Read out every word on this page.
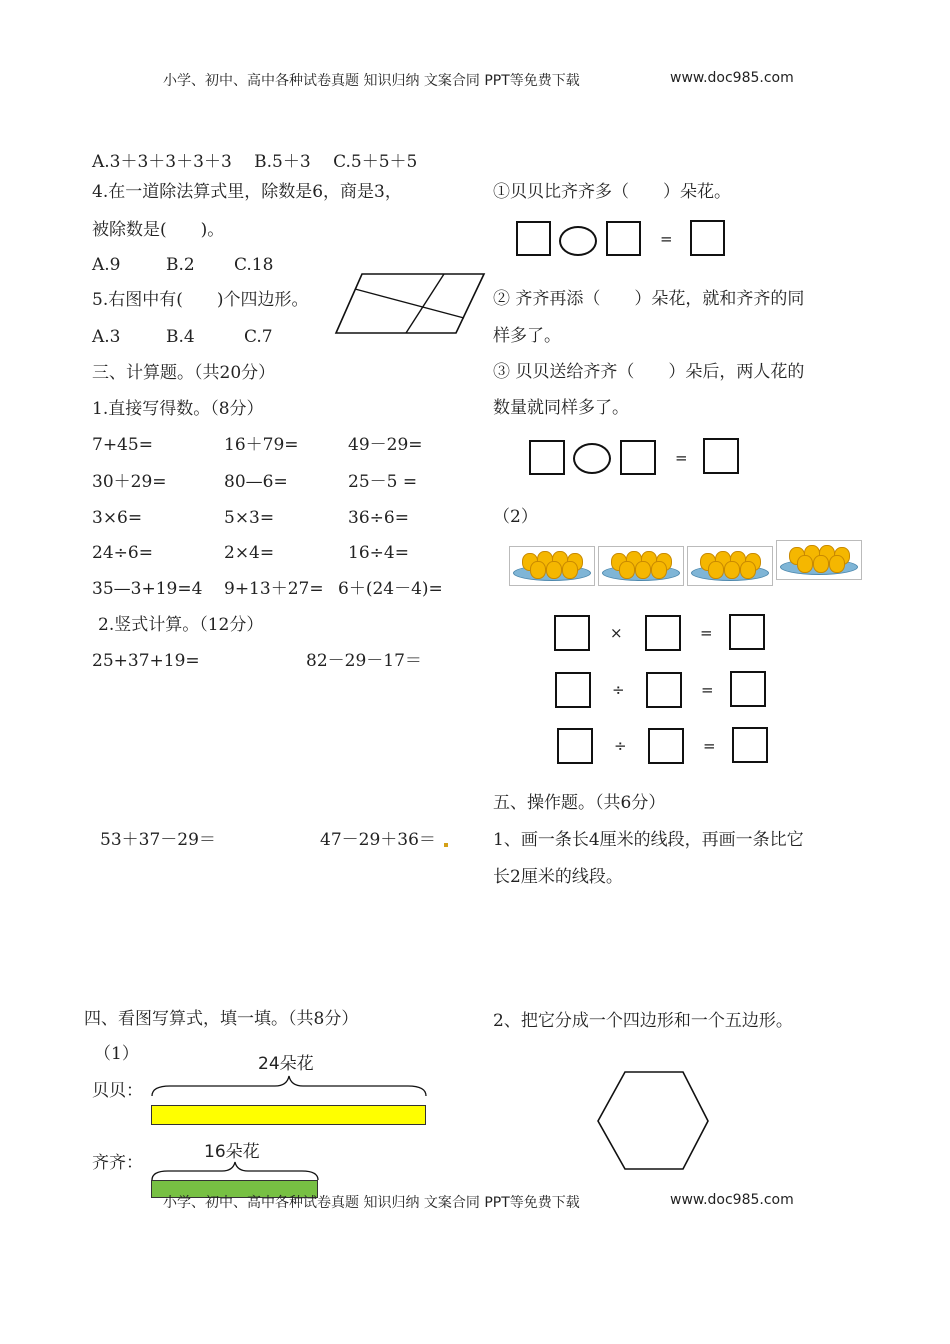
小学、初中、高中各种试卷真题 知识归纳 文案合同 PPT等免费下载	www.doc985.com
A.3＋3＋3＋3＋3　 B.5＋3　 C.5＋5＋5
4.在一道除法算式里，除数是6，商是3，
被除数是(　　)。
A.9	B.2 C.18
5.右图中有(　　)个四边形。
A.3	B.4	C.7
三、计算题。（共20分）
1.直接写得数。（8分）
7+45=	16＋79=	49－29=
30＋29=	80—6=	25－5 =
3×6=	5×3=	36÷6=
24÷6=	2×4=	16÷4=
35—3+19=4 9+13＋27= 6＋(24－4)=
2.竖式计算。（12分）
25+37+19=	82－29－17＝
53＋37－29＝	47－29＋36＝
四、看图写算式，填一填。（共8分）
（1）	24朵花
贝贝：
16朵花
齐齐：
①贝贝比齐齐多（　　）朵花。
=
② 齐齐再添（　　）朵花，就和齐齐的同
样多了。
③ 贝贝送给齐齐（　　）朵后，两人花的
数量就同样多了。
=
（2）
×	=
÷	=
÷	=
五、操作题。（共6分）
1、画一条长4厘米的线段，再画一条比它
长2厘米的线段。
2、把它分成一个四边形和一个五边形。
小学、初中、高中各种试卷真题 知识归纳 文案合同 PPT等免费下载	www.doc985.com
